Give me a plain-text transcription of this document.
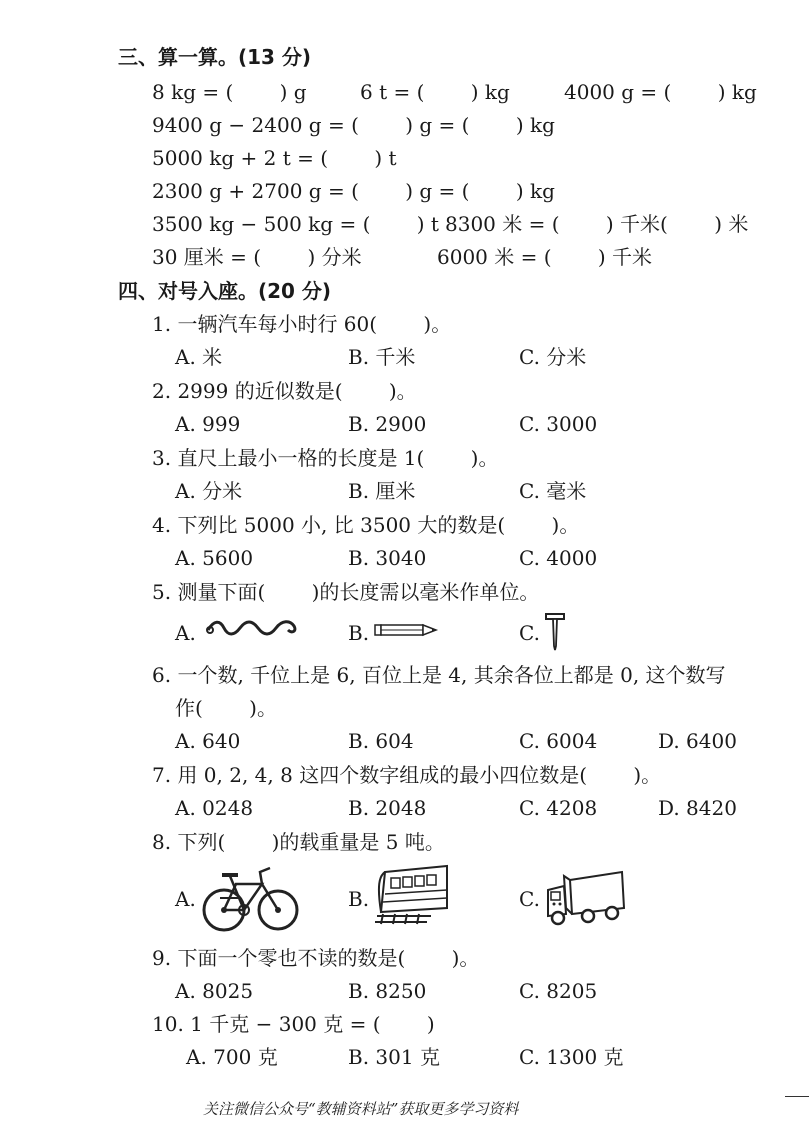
三、算一算。(13 分)
8 kg = (　　 ) g	6 t = (　　 ) kg	4000 g = (　　 ) kg
9400 g − 2400 g = (　　 ) g = (　　 ) kg
5000 kg + 2 t = (　　 ) t
2300 g + 2700 g = (　　 ) g = (　　 ) kg
3500 kg − 500 kg = (　　 ) t 8300 米 = (　　 ) 千米(　　 ) 米
30 厘米 = (　　 ) 分米	6000 米 = (　　 ) 千米
四、对号入座。(20 分)
1. 一辆汽车每小时行 60(　　 )。
A. 米	B. 千米	C. 分米
2. 2999 的近似数是(　　 )。
A. 999	B. 2900	C. 3000
3. 直尺上最小一格的长度是 1(　　 )。
A. 分米	B. 厘米	C. 毫米
4. 下列比 5000 小, 比 3500 大的数是(　　 )。
A. 5600	B. 3040	C. 4000
5. 测量下面(　　 )的长度需以毫米作单位。
A.	B.	C.
6. 一个数, 千位上是 6, 百位上是 4, 其余各位上都是 0, 这个数写
作(　　 )。
A. 640	B. 604	C. 6004	D. 6400
7. 用 0, 2, 4, 8 这四个数字组成的最小四位数是(　　 )。
A. 0248	B. 2048	C. 4208	D. 8420
8. 下列(　　 )的载重量是 5 吨。
A.	B.	C.
9. 下面一个零也不读的数是(　　 )。
A. 8025	B. 8250	C. 8205
10. 1 千克 − 300 克 = (　　 )
A. 700 克	B. 301 克	C. 1300 克
关注微信公众号“教辅资料站”获取更多学习资料
